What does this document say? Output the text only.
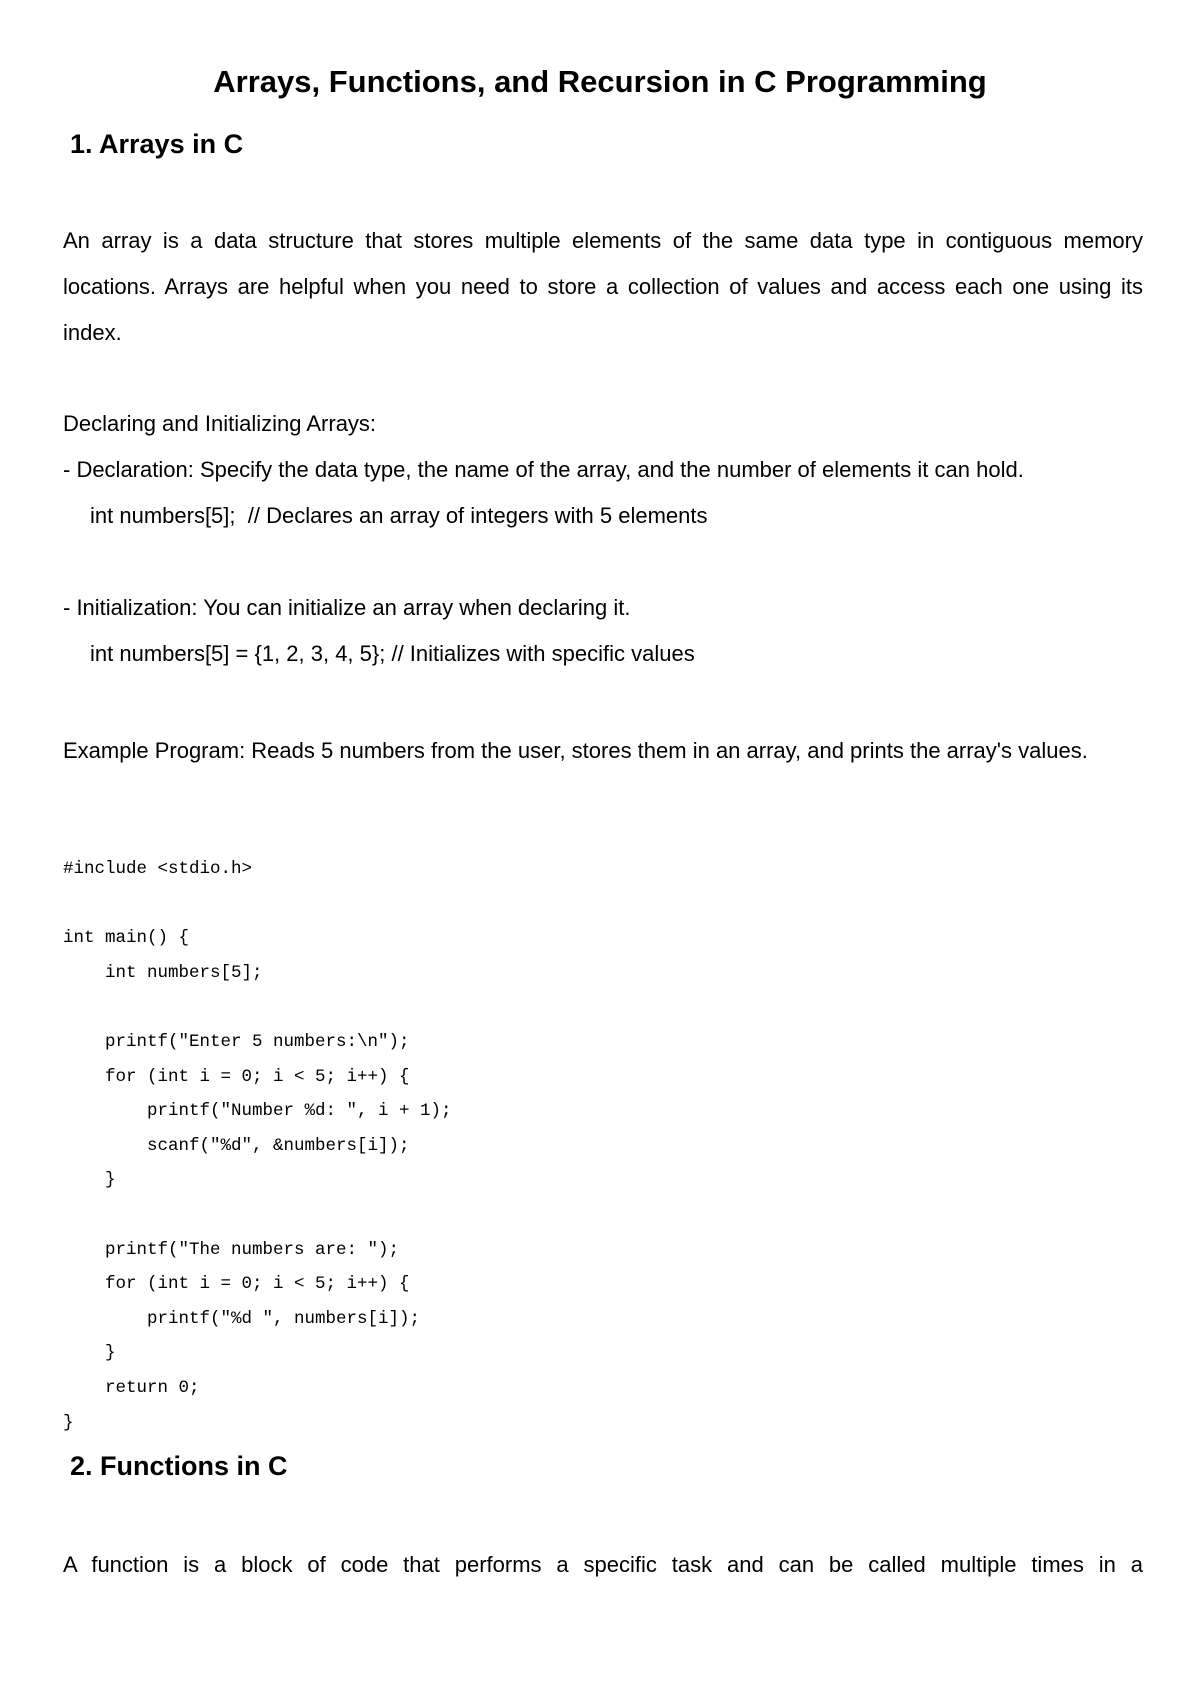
Arrays, Functions, and Recursion in C Programming
1. Arrays in C

An array is a data structure that stores multiple elements of the same data type in contiguous memory locations. Arrays are helpful when you need to store a collection of values and access each one using its index.

Declaring and Initializing Arrays:

- Declaration: Specify the data type, the name of the array, and the number of elements it can hold.

int numbers[5];  // Declares an array of integers with 5 elements

- Initialization: You can initialize an array when declaring it.

int numbers[5] = {1, 2, 3, 4, 5}; // Initializes with specific values

Example Program: Reads 5 numbers from the user, stores them in an array, and prints the array's values.

#include <stdio.h>

int main() {
int numbers[5];

printf("Enter 5 numbers:\n");
for (int i = 0; i < 5; i++) {
printf("Number %d: ", i + 1);
scanf("%d", &numbers[i]);
}

printf("The numbers are: ");
for (int i = 0; i < 5; i++) {
printf("%d ", numbers[i]);
}
return 0;
}
2. Functions in C

A function is a block of code that performs a specific task and can be called multiple times in a
